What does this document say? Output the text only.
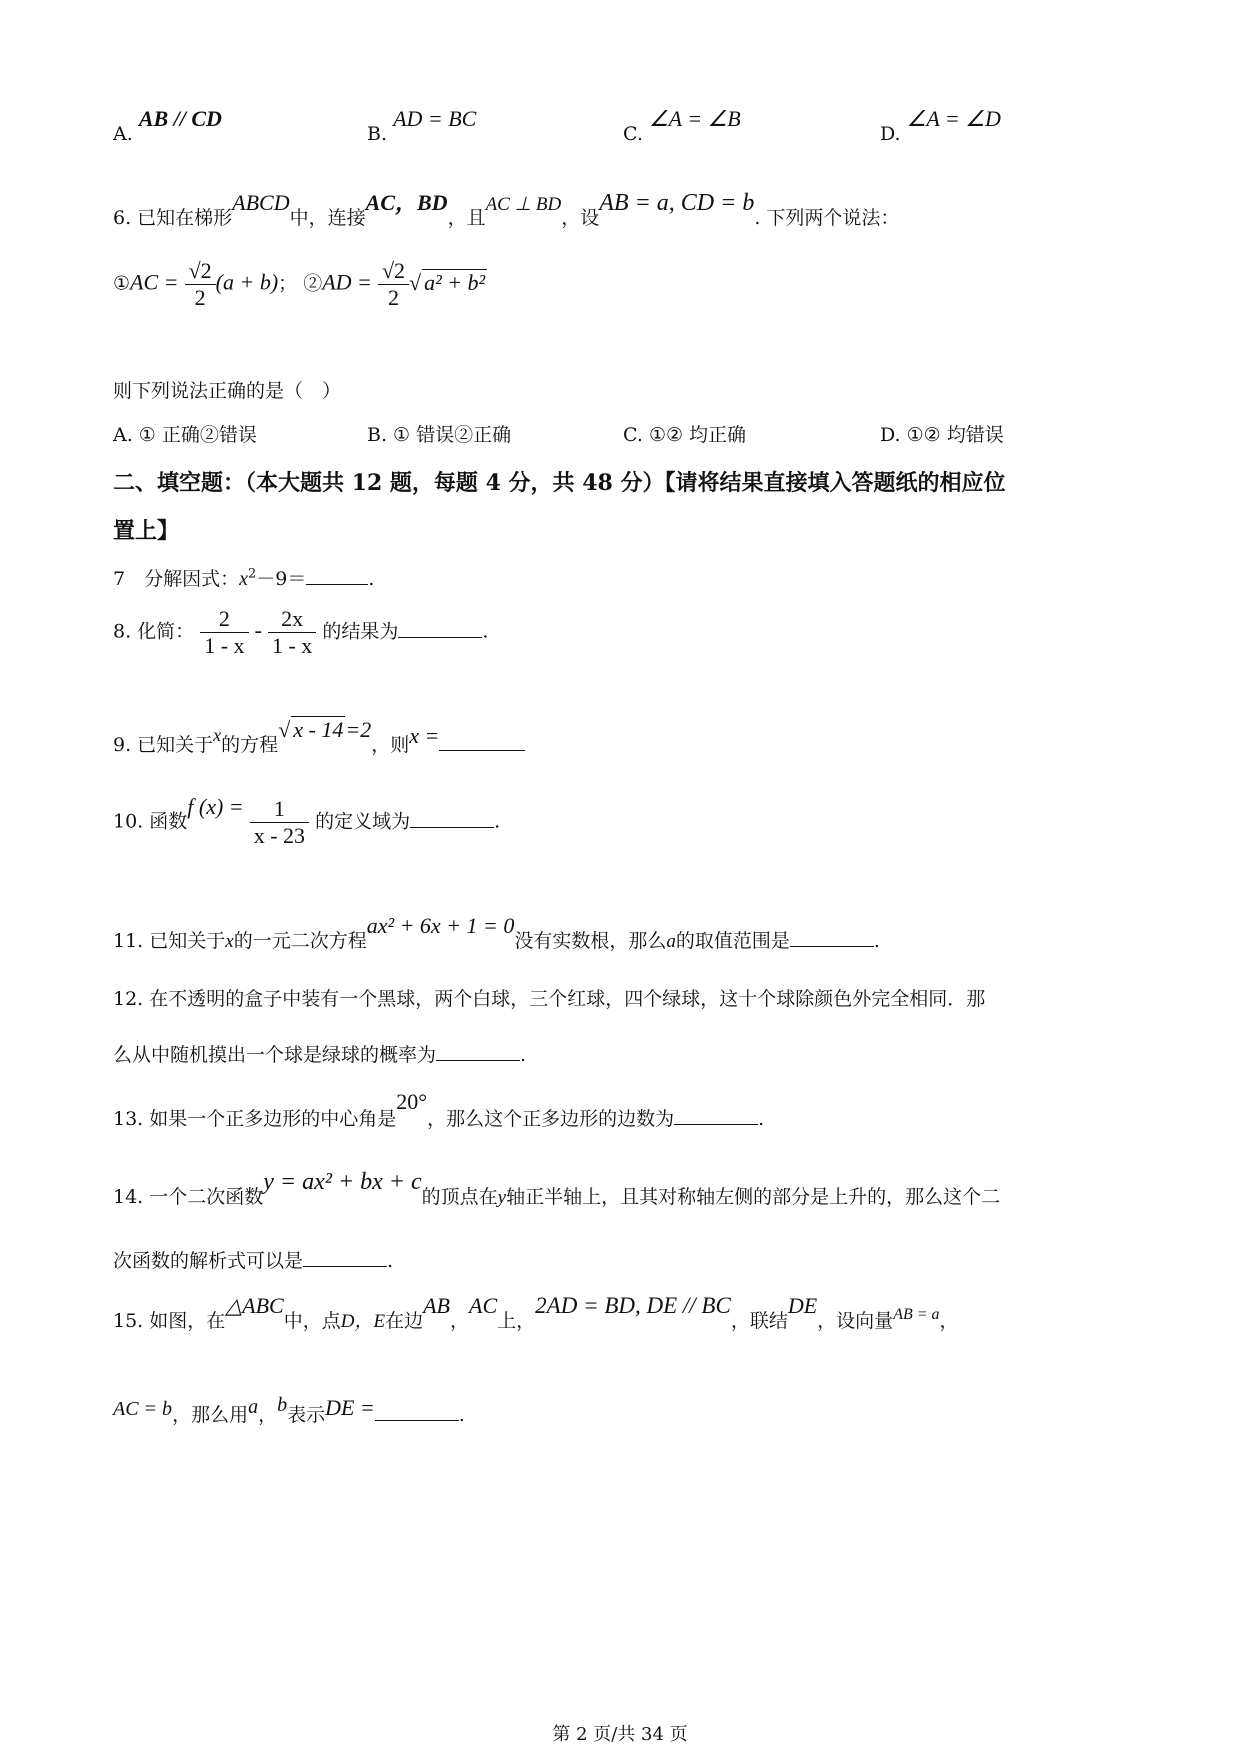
A. AB // CD
B. AD = BC
C. ∠A = ∠B
D. ∠A = ∠D
6. 已知在梯形ABCD中，连接AC，BD，且AC ⊥ BD，设AB = a, CD = b. 下列两个说法：
①AC = $\frac{√2}{2} (a + b)$； ②AD = $\frac{√2}{2}$ √ a² + b²
则下列说法正确的是（　）
A. ① 正确②错误	B. ① 错误②正确	C. ①② 均正确	D. ①② 均错误
二、填空题：（本大题共 12 题，每题 4 分，共 48 分）【请将结果直接填入答题纸的相应位
置上】
7　分解因式：$x^2-9=$	.
8. 化简： $\frac{2}{1 - x} - \frac{2x}{1 - x}$ 的结果为	.
9. 已知关于x的方程√ x - 14=2，则x =
10. 函数f $(x) = \frac{1}{x - 23}$ 的定义域为	.
11. 已知关于x的一元二次方程ax² + 6x + 1 = 0没有实数根，那么a的取值范围是	.
12. 在不透明的盒子中装有一个黑球，两个白球，三个红球，四个绿球，这十个球除颜色外完全相同．那
么从中随机摸出一个球是绿球的概率为	.
13. 如果一个正多边形的中心角是20°，那么这个正多边形的边数为	.
14. 一个二次函数y = ax² + bx + c的顶点在y轴正半轴上，且其对称轴左侧的部分是上升的，那么这个二
次函数的解析式可以是	.
15. 如图，在△ABC中，点D，E在边AB，AC上，2AD = BD, DE // BC，联结DE，设向量$^{AB = a}$，
AC = b，那么用a，b表示DE =	.
第 2 页/共 34 页
